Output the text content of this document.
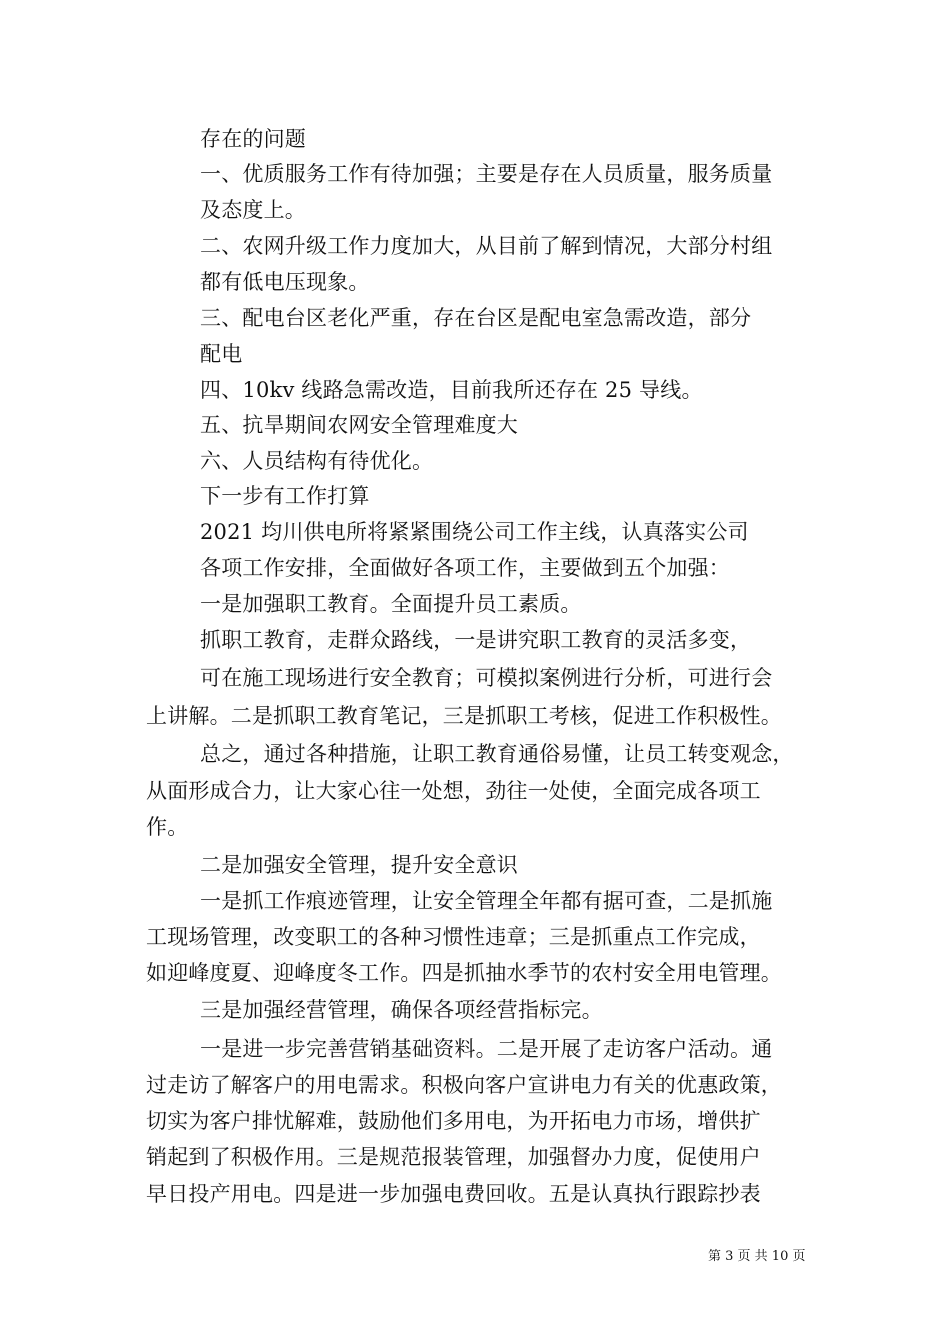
存在的问题
一、优质服务工作有待加强；主要是存在人员质量，服务质量
及态度上。
二、农网升级工作力度加大，从目前了解到情况，大部分村组
都有低电压现象。
三、配电台区老化严重，存在台区是配电室急需改造，部分
配电
四、10kv 线路急需改造，目前我所还存在 25 导线。
五、抗旱期间农网安全管理难度大
六、人员结构有待优化。
下一步有工作打算
2021 均川供电所将紧紧围绕公司工作主线，认真落实公司
各项工作安排，全面做好各项工作，主要做到五个加强：
一是加强职工教育。全面提升员工素质。
抓职工教育，走群众路线，一是讲究职工教育的灵活多变，
可在施工现场进行安全教育；可模拟案例进行分析，可进行会
上讲解。二是抓职工教育笔记，三是抓职工考核，促进工作积极性。
总之，通过各种措施，让职工教育通俗易懂，让员工转变观念，
从面形成合力，让大家心往一处想，劲往一处使，全面完成各项工
作。
二是加强安全管理，提升安全意识
一是抓工作痕迹管理，让安全管理全年都有据可查，二是抓施
工现场管理，改变职工的各种习惯性违章；三是抓重点工作完成，
如迎峰度夏、迎峰度冬工作。四是抓抽水季节的农村安全用电管理。
三是加强经营管理，确保各项经营指标完。
一是进一步完善营销基础资料。二是开展了走访客户活动。通
过走访了解客户的用电需求。积极向客户宣讲电力有关的优惠政策，
切实为客户排忧解难，鼓励他们多用电，为开拓电力市场，增供扩
销起到了积极作用。三是规范报装管理，加强督办力度，促使用户
早日投产用电。四是进一步加强电费回收。五是认真执行跟踪抄表
第 3 页 共 10 页
